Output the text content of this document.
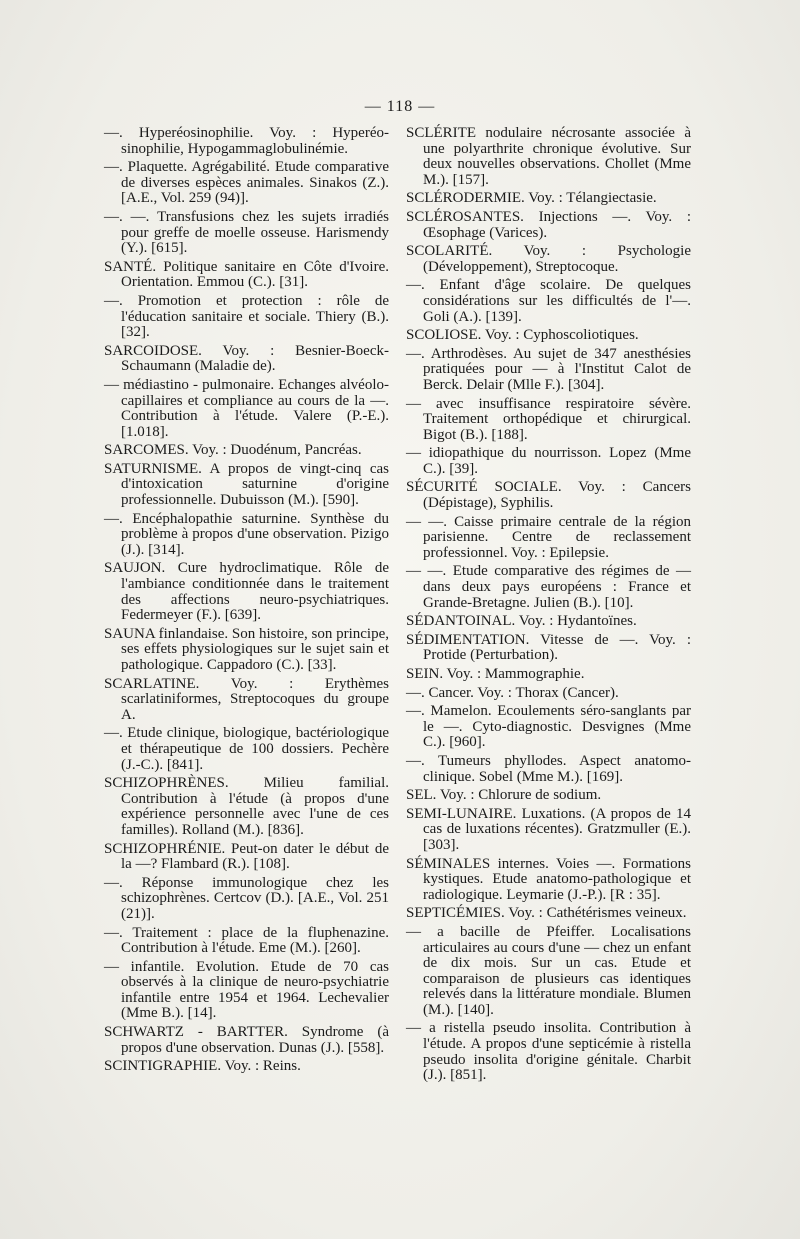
— 118 —

—. Hyperéosinophilie. Voy. : Hyperéo-sinophilie, Hypogammaglobulinémie.

—. Plaquette. Agrégabilité. Etude comparative de diverses espèces animales. Sinakos (Z.). [A.E., Vol. 259 (94)].

—. —. Transfusions chez les sujets irradiés pour greffe de moelle osseuse. Harismendy (Y.). [615].

SANTÉ. Politique sanitaire en Côte d'Ivoire. Orientation. Emmou (C.). [31].

—. Promotion et protection : rôle de l'éducation sanitaire et sociale. Thiery (B.). [32].

SARCOIDOSE. Voy. : Besnier-Boeck-Schaumann (Maladie de).

— médiastino - pulmonaire. Echanges alvéolo-capillaires et compliance au cours de la —. Contribution à l'étude. Valere (P.-E.). [1.018].

SARCOMES. Voy. : Duodénum, Pancréas.

SATURNISME. A propos de vingt-cinq cas d'intoxication saturnine d'origine professionnelle. Dubuisson (M.). [590].

—. Encéphalopathie saturnine. Synthèse du problème à propos d'une observation. Pizigo (J.). [314].

SAUJON. Cure hydroclimatique. Rôle de l'ambiance conditionnée dans le traitement des affections neuro-psychiatriques. Federmeyer (F.). [639].

SAUNA finlandaise. Son histoire, son principe, ses effets physiologiques sur le sujet sain et pathologique. Cappadoro (C.). [33].

SCARLATINE. Voy. : Erythèmes scarlatiniformes, Streptocoques du groupe A.

—. Etude clinique, biologique, bactériologique et thérapeutique de 100 dossiers. Pechère (J.-C.). [841].

SCHIZOPHRÈNES. Milieu familial. Contribution à l'étude (à propos d'une expérience personnelle avec l'une de ces familles). Rolland (M.). [836].

SCHIZOPHRÉNIE. Peut-on dater le début de la —? Flambard (R.). [108].

—. Réponse immunologique chez les schizophrènes. Certcov (D.). [A.E., Vol. 251 (21)].

—. Traitement : place de la fluphenazine. Contribution à l'étude. Eme (M.). [260].

— infantile. Evolution. Etude de 70 cas observés à la clinique de neuro-psychiatrie infantile entre 1954 et 1964. Lechevalier (Mme B.). [14].

SCHWARTZ - BARTTER. Syndrome (à propos d'une observation. Dunas (J.). [558].

SCINTIGRAPHIE. Voy. : Reins.

SCLÉRITE nodulaire nécrosante associée à une polyarthrite chronique évolutive. Sur deux nouvelles observations. Chollet (Mme M.). [157].

SCLÉRODERMIE. Voy. : Télangiectasie.

SCLÉROSANTES. Injections —. Voy. : Œsophage (Varices).

SCOLARITÉ. Voy. : Psychologie (Développement), Streptocoque.

—. Enfant d'âge scolaire. De quelques considérations sur les difficultés de l'—. Goli (A.). [139].

SCOLIOSE. Voy. : Cyphoscoliotiques.

—. Arthrodèses. Au sujet de 347 anesthésies pratiquées pour — à l'Institut Calot de Berck. Delair (Mlle F.). [304].

— avec insuffisance respiratoire sévère. Traitement orthopédique et chirurgical. Bigot (B.). [188].

— idiopathique du nourrisson. Lopez (Mme C.). [39].

SÉCURITÉ SOCIALE. Voy. : Cancers (Dépistage), Syphilis.

— —. Caisse primaire centrale de la région parisienne. Centre de reclassement professionnel. Voy. : Epilepsie.

— —. Etude comparative des régimes de — dans deux pays européens : France et Grande-Bretagne. Julien (B.). [10].

SÉDANTOINAL. Voy. : Hydantoïnes.

SÉDIMENTATION. Vitesse de —. Voy. : Protide (Perturbation).

SEIN. Voy. : Mammographie.

—. Cancer. Voy. : Thorax (Cancer).

—. Mamelon. Ecoulements séro-sanglants par le —. Cyto-diagnostic. Desvignes (Mme C.). [960].

—. Tumeurs phyllodes. Aspect anatomo-clinique. Sobel (Mme M.). [169].

SEL. Voy. : Chlorure de sodium.

SEMI-LUNAIRE. Luxations. (A propos de 14 cas de luxations récentes). Gratzmuller (E.). [303].

SÉMINALES internes. Voies —. Formations kystiques. Etude anatomo-pathologique et radiologique. Leymarie (J.-P.). [R : 35].

SEPTICÉMIES. Voy. : Cathétérismes veineux.

— a bacille de Pfeiffer. Localisations articulaires au cours d'une — chez un enfant de dix mois. Sur un cas. Etude et comparaison de plusieurs cas identiques relevés dans la littérature mondiale. Blumen (M.). [140].

— a ristella pseudo insolita. Contribution à l'étude. A propos d'une septicémie à ristella pseudo insolita d'origine génitale. Charbit (J.). [851].
